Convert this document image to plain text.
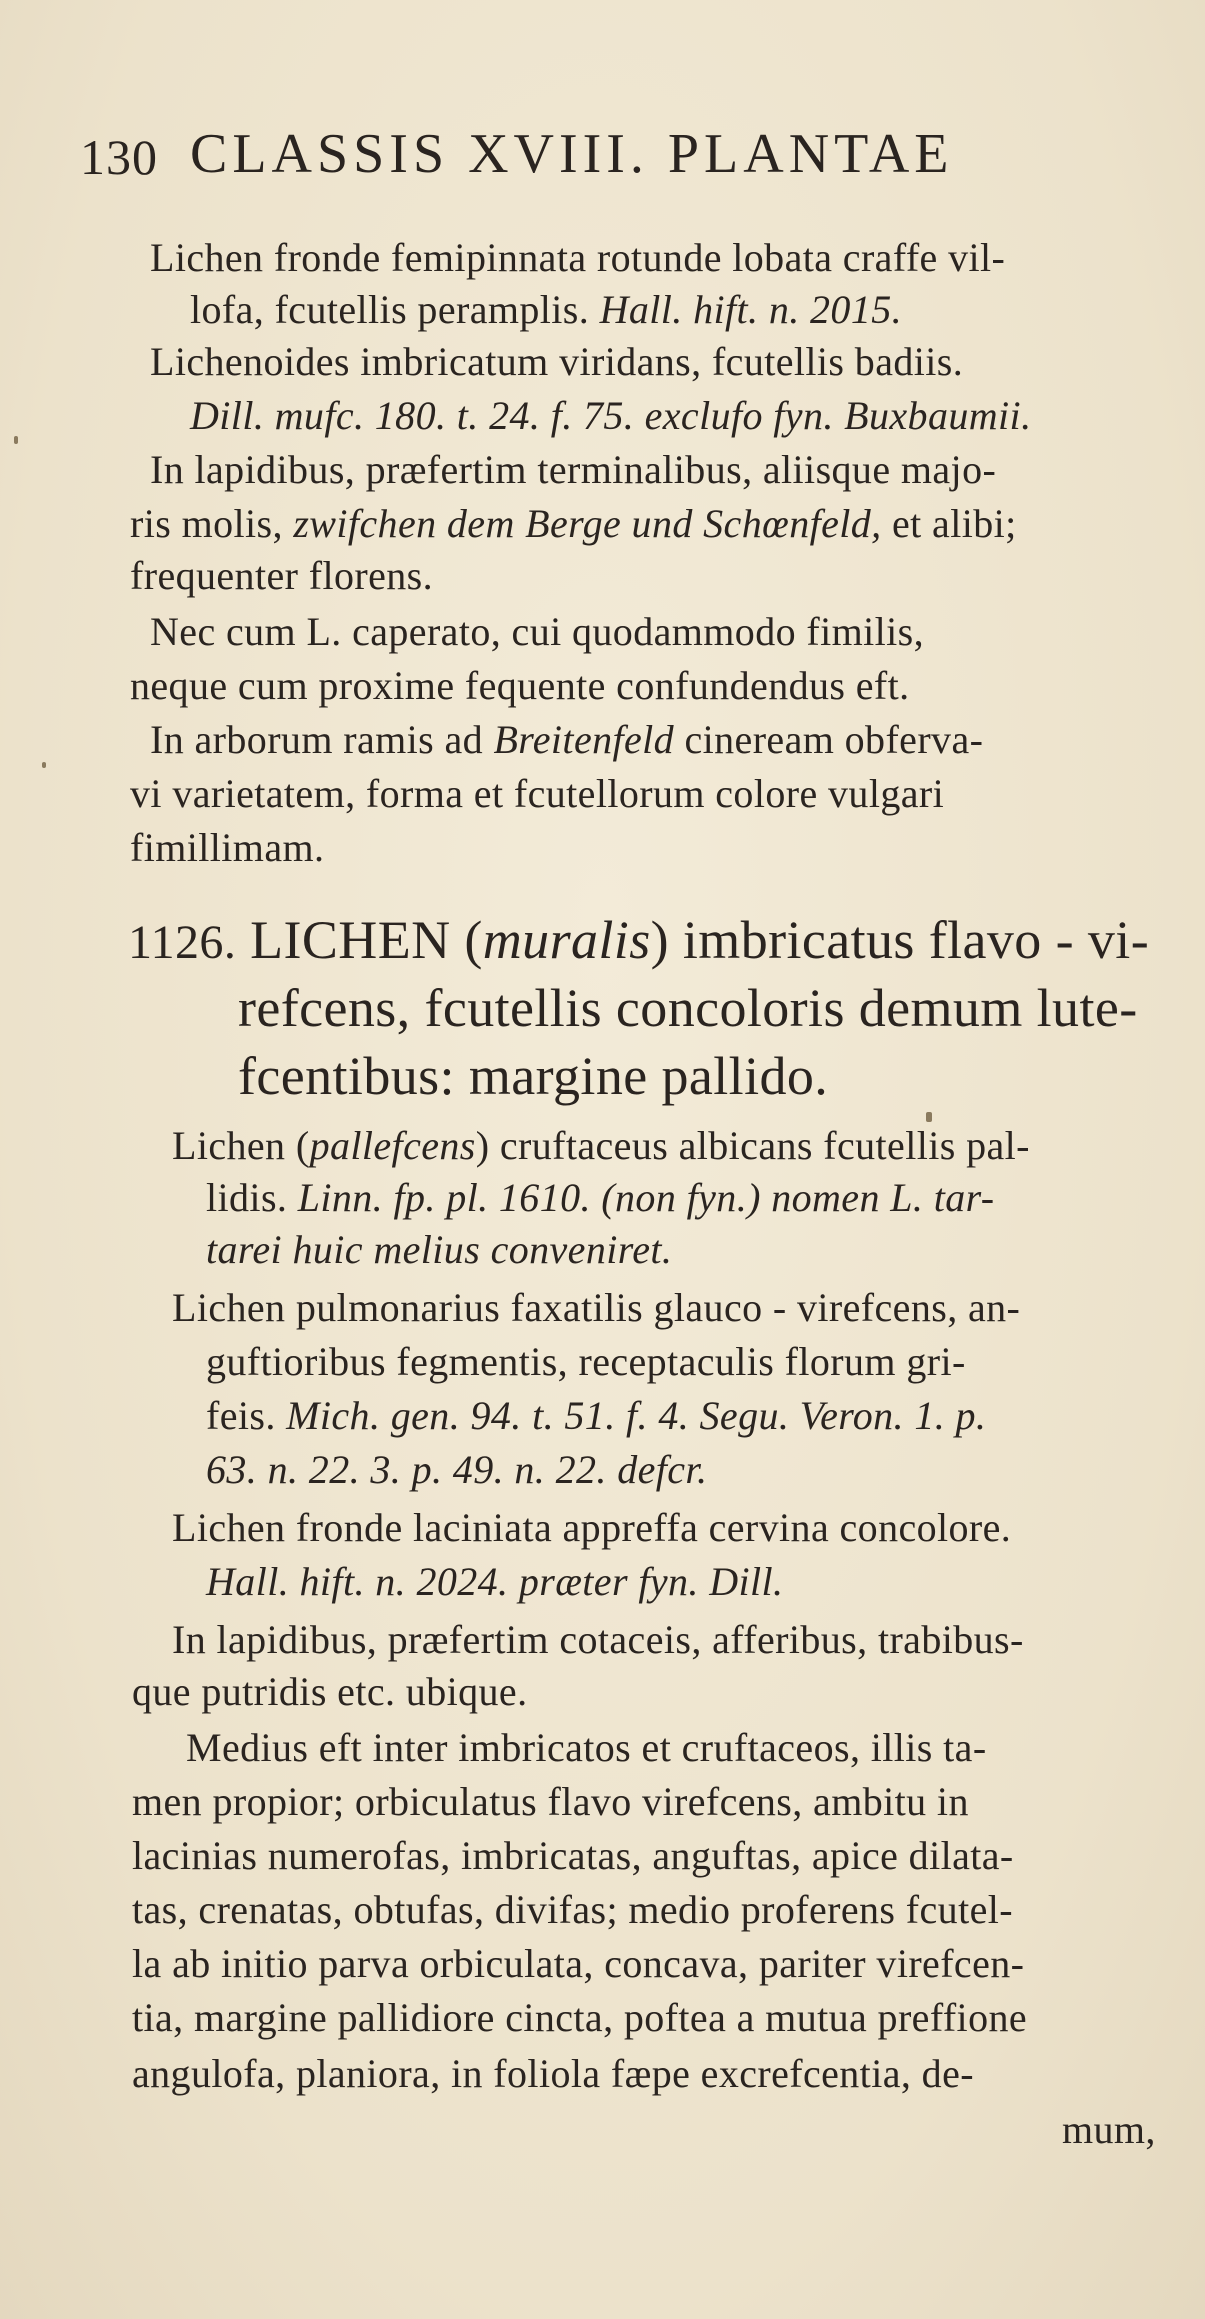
130 CLASSIS XVIII. PLANTAE
Lichen fronde femipinnata rotunde lobata craffe vil-
lofa, fcutellis peramplis. Hall. hift. n. 2015.
Lichenoides imbricatum viridans, fcutellis badiis.
Dill. mufc. 180. t. 24. f. 75. exclufo fyn. Buxbaumii.
In lapidibus, præfertim terminalibus, aliisque majo-
ris molis, zwifchen dem Berge und Schœnfeld, et alibi;
frequenter florens.
Nec cum L. caperato, cui quodammodo fimilis,
neque cum proxime fequente confundendus eft.
In arborum ramis ad Breitenfeld cineream obferva-
vi varietatem, forma et fcutellorum colore vulgari
fimillimam.
1126. LICHEN (muralis) imbricatus flavo - vi-
refcens, fcutellis concoloris demum lute-
fcentibus: margine pallido.
Lichen (pallefcens) cruftaceus albicans fcutellis pal-
lidis. Linn. fp. pl. 1610. (non fyn.) nomen L. tar-
tarei huic melius conveniret.
Lichen pulmonarius faxatilis glauco - virefcens, an-
guftioribus fegmentis, receptaculis florum gri-
feis. Mich. gen. 94. t. 51. f. 4. Segu. Veron. 1. p.
63. n. 22. 3. p. 49. n. 22. defcr.
Lichen fronde laciniata appreffa cervina concolore.
Hall. hift. n. 2024. præter fyn. Dill.
In lapidibus, præfertim cotaceis, afferibus, trabibus-
que putridis etc. ubique.
Medius eft inter imbricatos et cruftaceos, illis ta-
men propior; orbiculatus flavo virefcens, ambitu in
lacinias numerofas, imbricatas, anguftas, apice dilata-
tas, crenatas, obtufas, divifas; medio proferens fcutel-
la ab initio parva orbiculata, concava, pariter virefcen-
tia, margine pallidiore cincta, poftea a mutua preffione
angulofa, planiora, in foliola fæpe excrefcentia, de-
mum,
